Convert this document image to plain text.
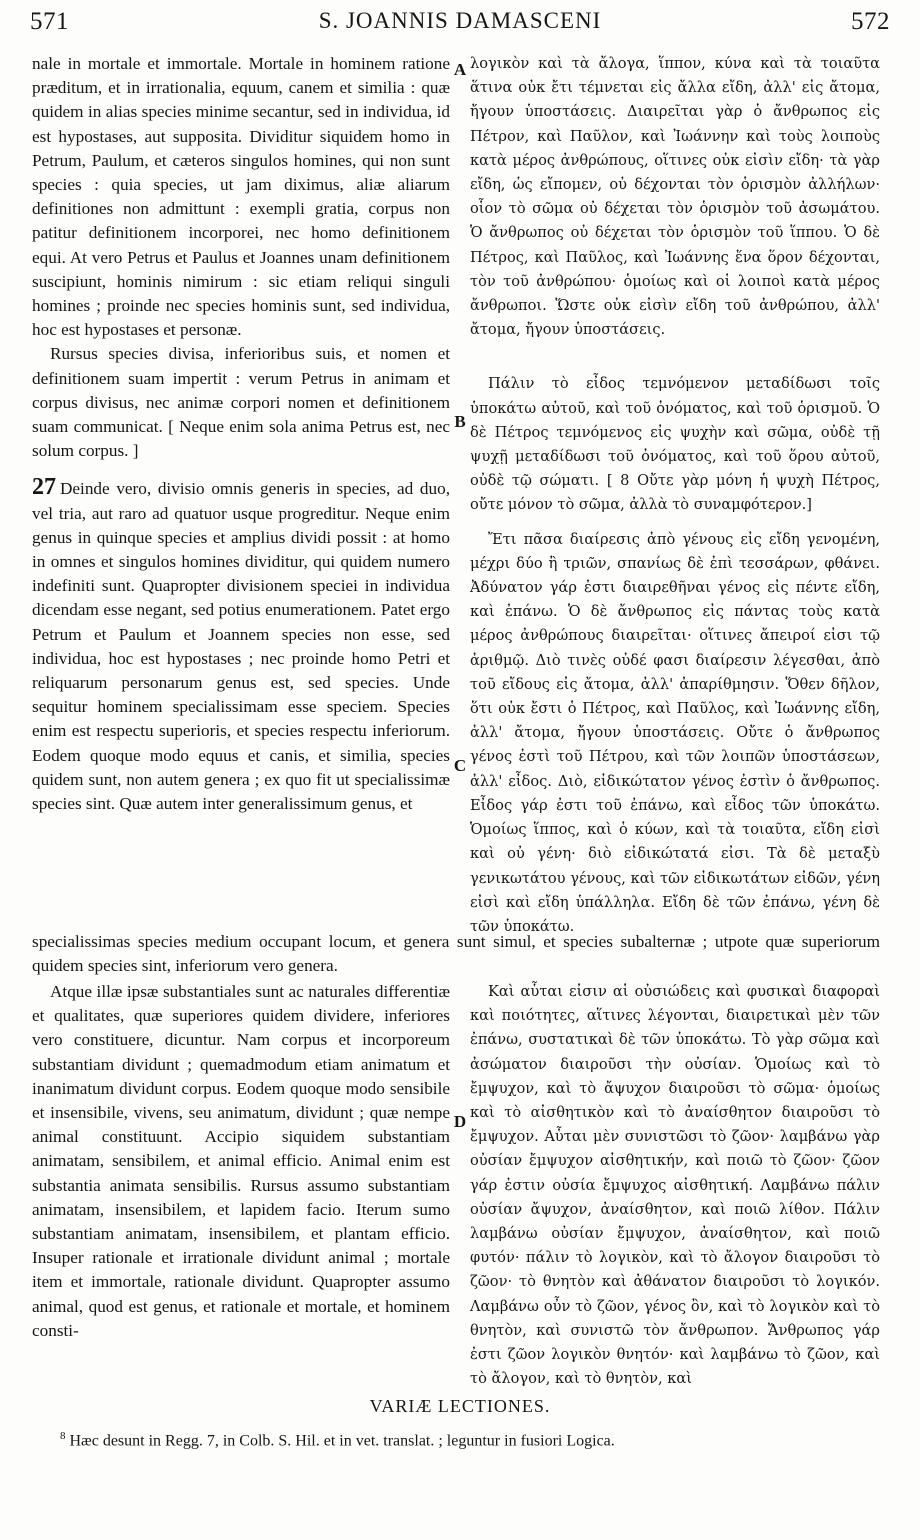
571	S. JOANNIS DAMASCENI	572

nale in mortale et immortale. Mortale in hominem ratione præditum, et in irrationalia, equum, canem et similia : quæ quidem in alias species minime secantur, sed in individua, id est hypostases, aut supposita. Dividitur siquidem homo in Petrum, Paulum, et cæteros singulos homines, qui non sunt species : quia species, ut jam diximus, aliæ aliarum definitiones non admittunt : exempli gratia, corpus non patitur definitionem incorporei, nec homo definitionem equi. At vero Petrus et Paulus et Joannes unam definitionem suscipiunt, hominis nimirum : sic etiam reliqui singuli homines ; proinde nec species hominis sunt, sed individua, hoc est hypostases et personæ.

Rursus species divisa, inferioribus suis, et nomen et definitionem suam impertit : verum Petrus in animam et corpus divisus, nec animæ corpori nomen et definitionem suam communicat. [ Neque enim sola anima Petrus est, nec solum corpus. ]

27 Deinde vero, divisio omnis generis in species, ad duo, vel tria, aut raro ad quatuor usque progreditur. Neque enim genus in quinque species et amplius dividi possit : at homo in omnes et singulos homines dividitur, qui quidem numero indefiniti sunt. Quapropter divisionem speciei in individua dicendam esse negant, sed potius enumerationem. Patet ergo Petrum et Paulum et Joannem species non esse, sed individua, hoc est hypostases ; nec proinde homo Petri et reliquarum personarum genus est, sed species. Unde sequitur hominem specialissimam esse speciem. Species enim est respectu superioris, et species respectu inferiorum. Eodem quoque modo equus et canis, et similia, species quidem sunt, non autem genera ; ex quo fit ut specialissimæ species sint. Quæ autem inter generalissimum genus, et

λογικὸν καὶ τὰ ἄλογα, ἵππον, κύνα καὶ τὰ τοιαῦτα ἅτινα οὐκ ἔτι τέμνεται εἰς ἄλλα εἴδη, ἀλλ' εἰς ἄτομα, ἤγουν ὑποστάσεις. Διαιρεῖται γὰρ ὁ ἄνθρωπος εἰς Πέτρον, καὶ Παῦλον, καὶ Ἰωάννην καὶ τοὺς λοιποὺς κατὰ μέρος ἀνθρώπους, οἵτινες οὐκ εἰσὶν εἴδη· τὰ γὰρ εἴδη, ὡς εἴπομεν, οὐ δέχονται τὸν ὁρισμὸν ἀλλήλων· οἷον τὸ σῶμα οὐ δέχεται τὸν ὁρισμὸν τοῦ ἀσωμάτου. Ὁ ἄνθρωπος οὐ δέχεται τὸν ὁρισμὸν τοῦ ἵππου. Ὁ δὲ Πέτρος, καὶ Παῦλος, καὶ Ἰωάννης ἕνα ὅρον δέχονται, τὸν τοῦ ἀνθρώπου· ὁμοίως καὶ οἱ λοιποὶ κατὰ μέρος ἄνθρωποι. Ὥστε οὐκ εἰσὶν εἴδη τοῦ ἀνθρώπου, ἀλλ' ἄτομα, ἤγουν ὑποστάσεις.

Πάλιν τὸ εἶδος τεμνόμενον μεταδίδωσι τοῖς ὑποκάτω αὐτοῦ, καὶ τοῦ ὀνόματος, καὶ τοῦ ὁρισμοῦ. Ὁ δὲ Πέτρος τεμνόμενος εἰς ψυχὴν καὶ σῶμα, οὐδὲ τῇ ψυχῇ μεταδίδωσι τοῦ ὀνόματος, καὶ τοῦ ὅρου αὐτοῦ, οὐδὲ τῷ σώματι. [ 8 Οὔτε γὰρ μόνη ἡ ψυχὴ Πέτρος, οὔτε μόνον τὸ σῶμα, ἀλλὰ τὸ συναμφότερον.]

Ἔτι πᾶσα διαίρεσις ἀπὸ γένους εἰς εἴδη γενομένη, μέχρι δύο ἢ τριῶν, σπανίως δὲ ἐπὶ τεσσάρων, φθάνει. Ἀδύνατον γάρ ἐστι διαιρεθῆναι γένος εἰς πέντε εἴδη, καὶ ἐπάνω. Ὁ δὲ ἄνθρωπος εἰς πάντας τοὺς κατὰ μέρος ἀνθρώπους διαιρεῖται· οἵτινες ἄπειροί εἰσι τῷ ἀριθμῷ. Διὸ τινὲς οὐδέ φασι διαίρεσιν λέγεσθαι, ἀπὸ τοῦ εἴδους εἰς ἄτομα, ἀλλ' ἀπαρίθμησιν. Ὅθεν δῆλον, ὅτι οὐκ ἔστι ὁ Πέτρος, καὶ Παῦλος, καὶ Ἰωάννης εἴδη, ἀλλ' ἄτομα, ἤγουν ὑποστάσεις. Οὔτε ὁ ἄνθρωπος γένος ἐστὶ τοῦ Πέτρου, καὶ τῶν λοιπῶν ὑποστάσεων, ἀλλ' εἶδος. Διὸ, εἰδικώτατον γένος ἐστὶν ὁ ἄνθρωπος. Εἶδος γάρ ἐστι τοῦ ἐπάνω, καὶ εἶδος τῶν ὑποκάτω. Ὁμοίως ἵππος, καὶ ὁ κύων, καὶ τὰ τοιαῦτα, εἴδη εἰσὶ καὶ οὐ γένη· διὸ εἰδικώτατά εἰσι. Τὰ δὲ μεταξὺ γενικωτάτου γένους, καὶ τῶν εἰδικωτάτων εἰδῶν, γένη εἰσὶ καὶ εἴδη ὑπάλληλα. Εἴδη δὲ τῶν ἐπάνω, γένη δὲ τῶν ὑποκάτω.

specialissimas species medium occupant locum, et genera sunt simul, et species subalternæ ; utpote quæ superiorum quidem species sint, inferiorum vero genera.

Atque illæ ipsæ substantiales sunt ac naturales differentiæ et qualitates, quæ superiores quidem dividere, inferiores vero constituere, dicuntur. Nam corpus et incorporeum substantiam dividunt ; quemadmodum etiam animatum et inanimatum dividunt corpus. Eodem quoque modo sensibile et insensibile, vivens, seu animatum, dividunt ; quæ nempe animal constituunt. Accipio siquidem substantiam animatam, sensibilem, et animal efficio. Animal enim est substantia animata sensibilis. Rursus assumo substantiam animatam, insensibilem, et lapidem facio. Iterum sumo substantiam animatam, insensibilem, et plantam efficio. Insuper rationale et irrationale dividunt animal ; mortale item et immortale, rationale dividunt. Quapropter assumo animal, quod est genus, et rationale et mortale, et hominem consti-

Καὶ αὗται εἰσιν αἱ οὐσιώδεις καὶ φυσικαὶ διαφοραὶ καὶ ποιότητες, αἵτινες λέγονται, διαιρετικαὶ μὲν τῶν ἐπάνω, συστατικαὶ δὲ τῶν ὑποκάτω. Τὸ γὰρ σῶμα καὶ ἀσώματον διαιροῦσι τὴν οὐσίαν. Ὁμοίως καὶ τὸ ἔμψυχον, καὶ τὸ ἄψυχον διαιροῦσι τὸ σῶμα· ὁμοίως καὶ τὸ αἰσθητικὸν καὶ τὸ ἀναίσθητον διαιροῦσι τὸ ἔμψυχον. Αὗται μὲν συνιστῶσι τὸ ζῶον· λαμβάνω γὰρ οὐσίαν ἔμψυχον αἰσθητικήν, καὶ ποιῶ τὸ ζῶον· ζῶον γάρ ἐστιν οὐσία ἔμψυχος αἰσθητική. Λαμβάνω πάλιν οὐσίαν ἄψυχον, ἀναίσθητον, καὶ ποιῶ λίθον. Πάλιν λαμβάνω οὐσίαν ἔμψυχον, ἀναίσθητον, καὶ ποιῶ φυτόν· πάλιν τὸ λογικὸν, καὶ τὸ ἄλογον διαιροῦσι τὸ ζῶον· τὸ θνητὸν καὶ ἀθάνατον διαιροῦσι τὸ λογικόν. Λαμβάνω οὖν τὸ ζῶον, γένος ὂν, καὶ τὸ λογικὸν καὶ τὸ θνητὸν, καὶ συνιστῶ τὸν ἄνθρωπον. Ἄνθρωπος γάρ ἐστι ζῶον λογικὸν θνητόν· καὶ λαμβάνω τὸ ζῶον, καὶ τὸ ἄλογον, καὶ τὸ θνητὸν, καὶ

A
B
C
D
VARIÆ LECTIONES.
$^8$ Hæc desunt in Regg. 7, in Colb. S. Hil. et in vet. translat. ; leguntur in fusiori Logica.
